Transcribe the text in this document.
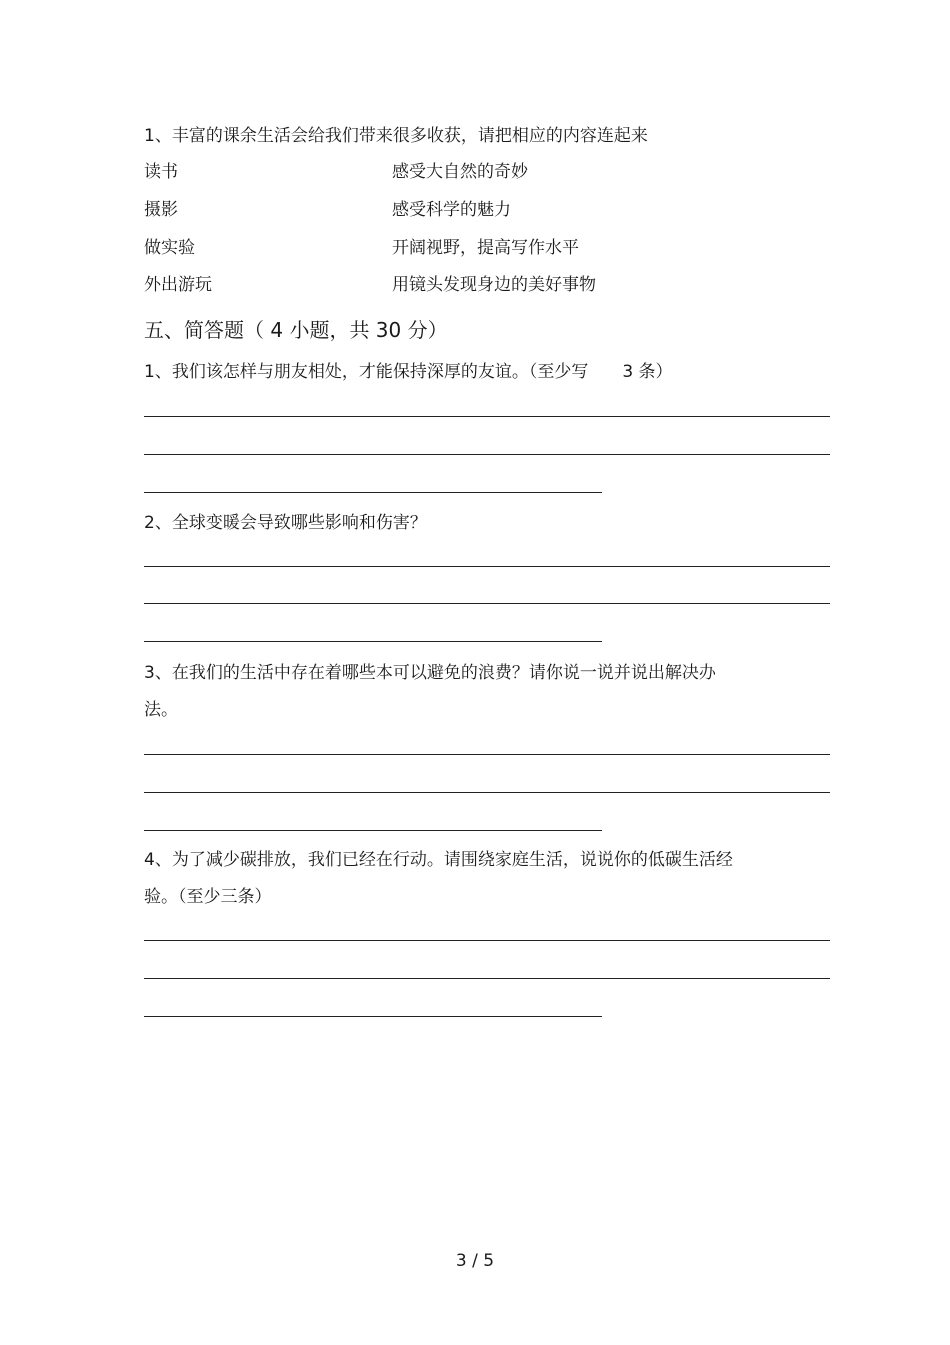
1、丰富的课余生活会给我们带来很多收获，请把相应的内容连起来
读书	感受大自然的奇妙
摄影	感受科学的魅力
做实验	开阔视野，提高写作水平
外出游玩	用镜头发现身边的美好事物
五、简答题（ 4 小题，共 30 分）
1、我们该怎样与朋友相处，才能保持深厚的友谊。（至少写　　3 条）
2、全球变暖会导致哪些影响和伤害？
3、在我们的生活中存在着哪些本可以避免的浪费？请你说一说并说出解决办
法。
4、为了减少碳排放，我们已经在行动。请围绕家庭生活，说说你的低碳生活经
验。（至少三条）
3 / 5
